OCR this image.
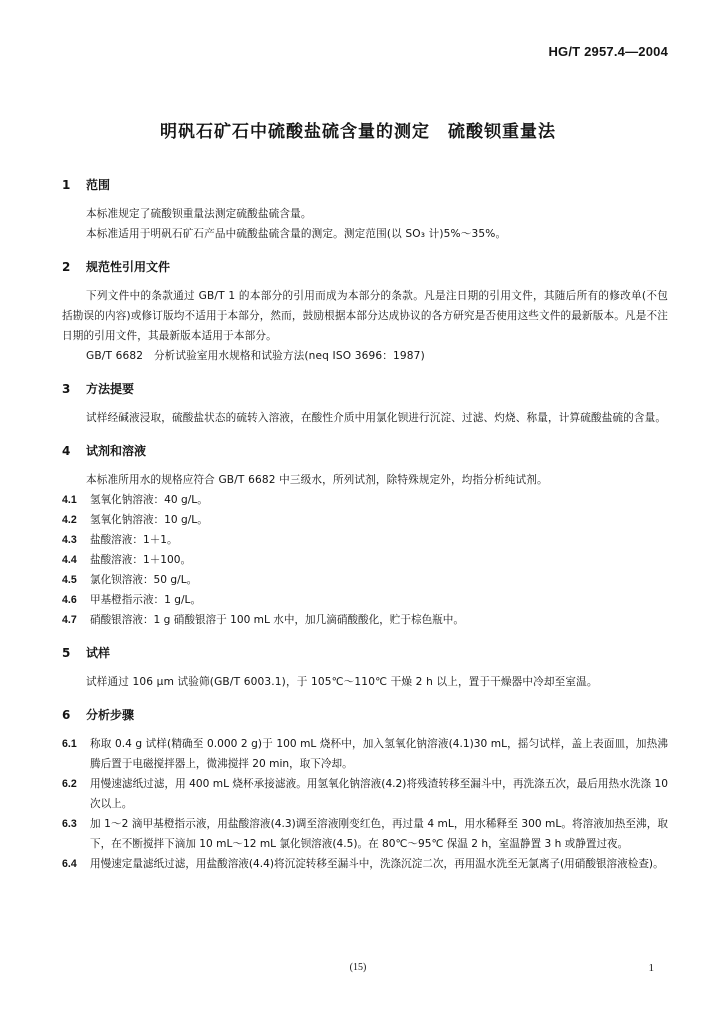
HG/T 2957.4—2004
明矾石矿石中硫酸盐硫含量的测定　硫酸钡重量法
1 范围

本标准规定了硫酸钡重量法测定硫酸盐硫含量。

本标准适用于明矾石矿石产品中硫酸盐硫含量的测定。测定范围(以 SO₃ 计)5%～35%。

2 规范性引用文件

下列文件中的条款通过 GB/T 1 的本部分的引用而成为本部分的条款。凡是注日期的引用文件，其随后所有的修改单(不包括勘误的内容)或修订版均不适用于本部分，然而，鼓励根据本部分达成协议的各方研究是否使用这些文件的最新版本。凡是不注日期的引用文件，其最新版本适用于本部分。

GB/T 6682　分析试验室用水规格和试验方法(neq ISO 3696：1987)

3 方法提要

试样经碱液浸取，硫酸盐状态的硫转入溶液，在酸性介质中用氯化钡进行沉淀、过滤、灼烧、称量，计算硫酸盐硫的含量。

4 试剂和溶液

本标准所用水的规格应符合 GB/T 6682 中三级水，所列试剂，除特殊规定外，均指分析纯试剂。

4.1	氢氧化钠溶液：40 g/L。
4.2	氢氧化钠溶液：10 g/L。
4.3	盐酸溶液：1＋1。
4.4	盐酸溶液：1＋100。
4.5	氯化钡溶液：50 g/L。
4.6	甲基橙指示液：1 g/L。
4.7	硝酸银溶液：1 g 硝酸银溶于 100 mL 水中，加几滴硝酸酸化，贮于棕色瓶中。
5 试样

试样通过 106 μm 试验筛(GB/T 6003.1)，于 105℃～110℃ 干燥 2 h 以上，置于干燥器中冷却至室温。

6 分析步骤
6.1	称取 0.4 g 试样(精确至 0.000 2 g)于 100 mL 烧杯中，加入氢氧化钠溶液(4.1)30 mL，摇匀试样，盖上表面皿，加热沸腾后置于电磁搅拌器上，微沸搅拌 20 min，取下冷却。
6.2	用慢速滤纸过滤，用 400 mL 烧杯承接滤液。用氢氧化钠溶液(4.2)将残渣转移至漏斗中，再洗涤五次，最后用热水洗涤 10 次以上。
6.3	加 1～2 滴甲基橙指示液，用盐酸溶液(4.3)调至溶液刚变红色，再过量 4 mL，用水稀释至 300 mL。将溶液加热至沸，取下，在不断搅拌下滴加 10 mL～12 mL 氯化钡溶液(4.5)。在 80℃～95℃ 保温 2 h，室温静置 3 h 或静置过夜。
6.4	用慢速定量滤纸过滤，用盐酸溶液(4.4)将沉淀转移至漏斗中，洗涤沉淀二次，再用温水洗至无氯离子(用硝酸银溶液检查)。
(15)	1
